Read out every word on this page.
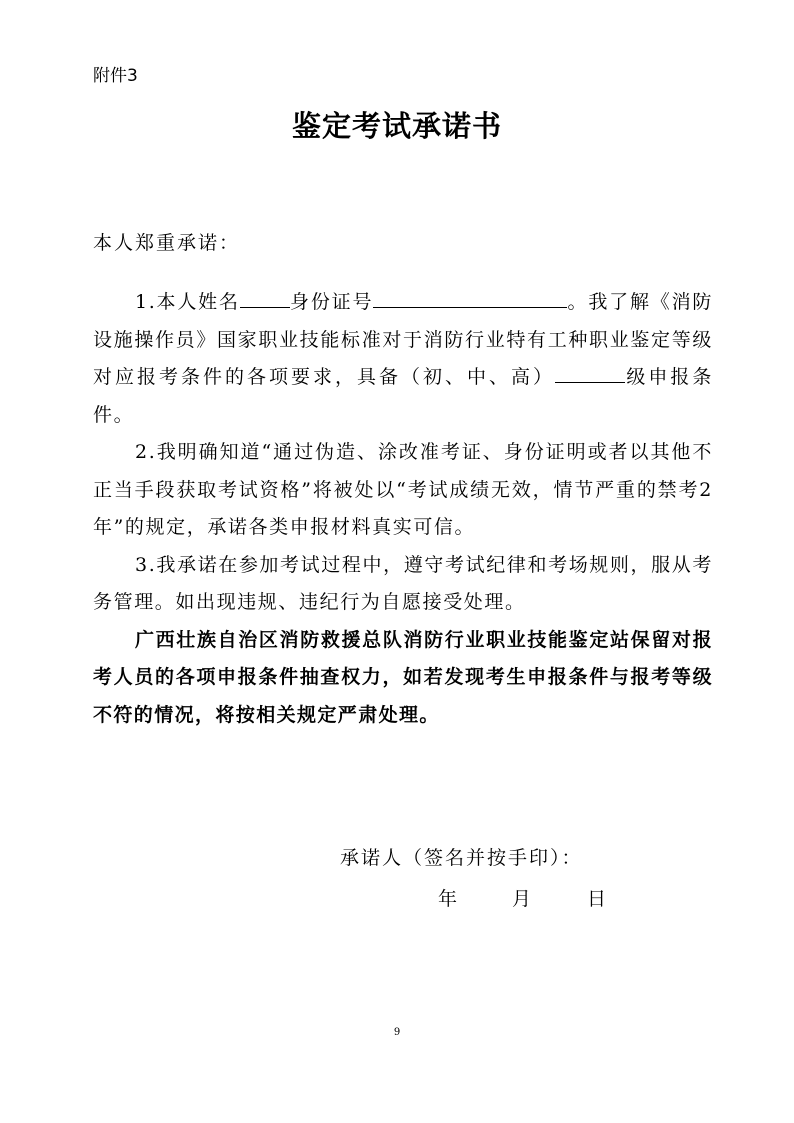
附件3
鉴定考试承诺书
本人郑重承诺：

1.本人姓名	身份证号	。我了解《消防设施操作员》国家职业技能标准对于消防行业特有工种职业鉴定等级对应报考条件的各项要求，具备（初、中、高）	级申报条件。

2.我明确知道“通过伪造、涂改准考证、身份证明或者以其他不正当手段获取考试资格”将被处以“考试成绩无效，情节严重的禁考2年”的规定，承诺各类申报材料真实可信。

3.我承诺在参加考试过程中，遵守考试纪律和考场规则，服从考务管理。如出现违规、违纪行为自愿接受处理。

广西壮族自治区消防救援总队消防行业职业技能鉴定站保留对报考人员的各项申报条件抽查权力，如若发现考生申报条件与报考等级不符的情况，将按相关规定严肃处理。

承诺人（签名并按手印）：
年	月	日
9
